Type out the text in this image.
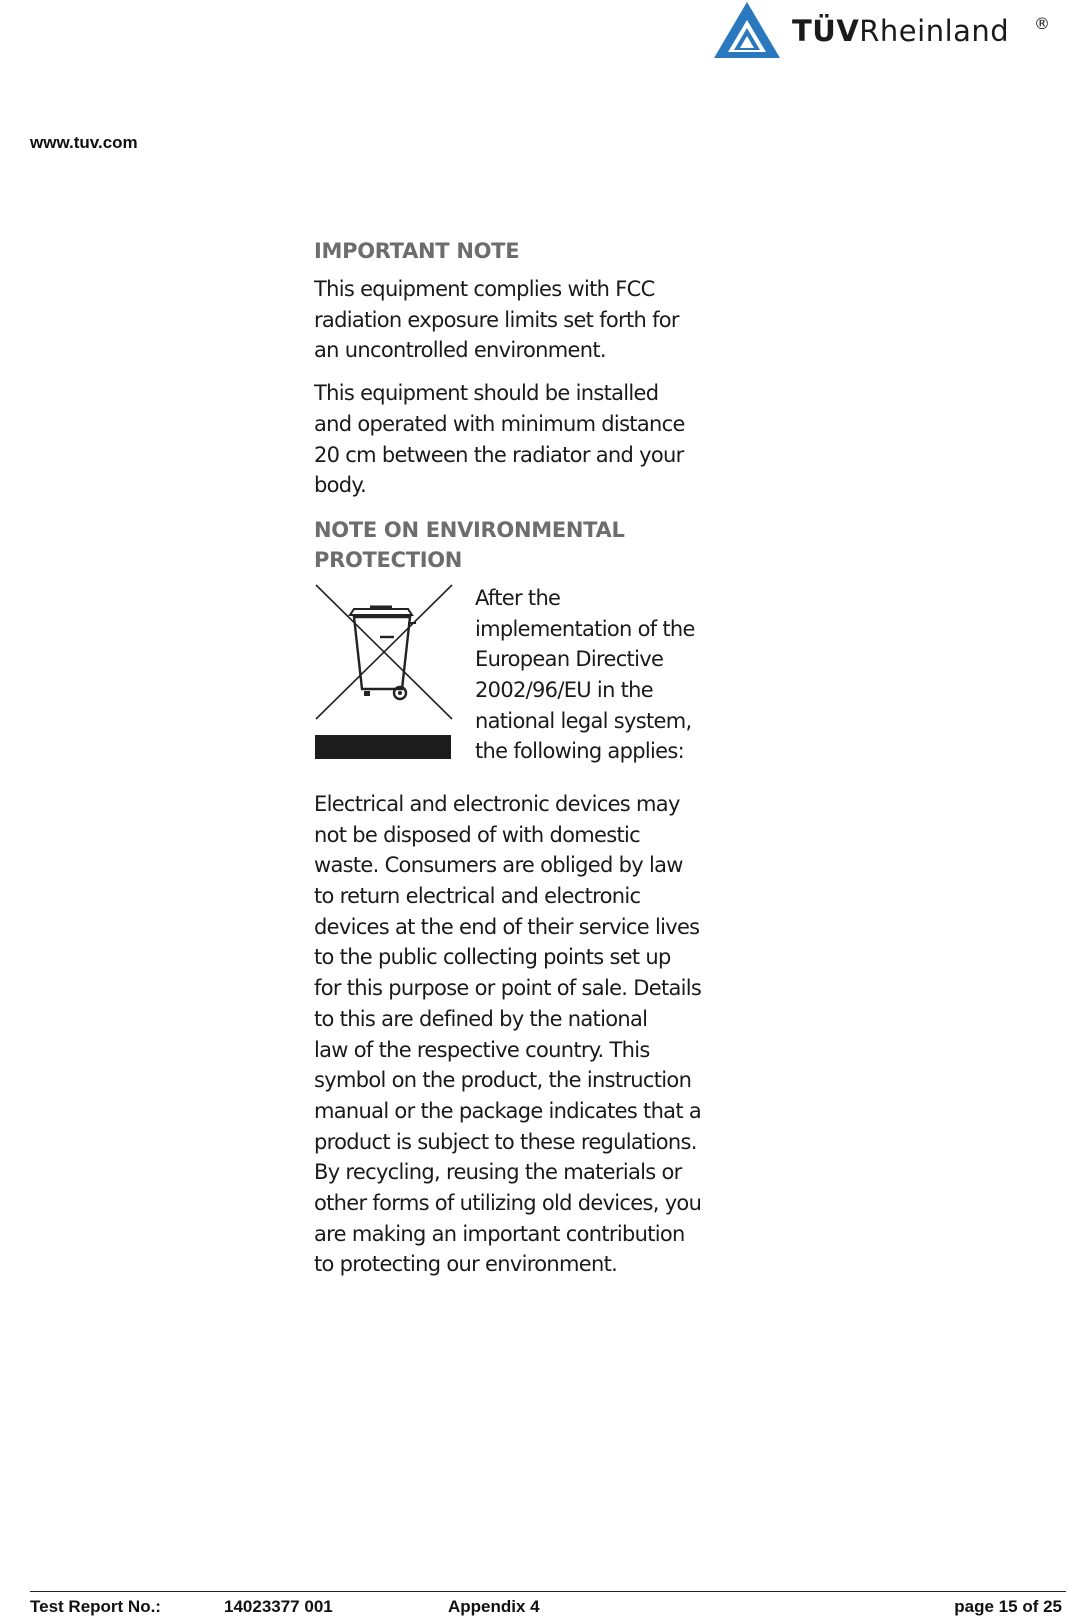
TÜVRheinland ®
www.tuv.com
IMPORTANT NOTE
This equipment complies with FCC
radiation exposure limits set forth for
an uncontrolled environment.
This equipment should be installed
and operated with minimum distance
20 cm between the radiator and your
body.
NOTE ON ENVIRONMENTAL
PROTECTION
After the
implementation of the
European Directive
2002/96/EU in the
national legal system,
the following applies:
Electrical and electronic devices may
not be disposed of with domestic
waste. Consumers are obliged by law
to return electrical and electronic
devices at the end of their service lives
to the public collecting points set up
for this purpose or point of sale. Details
to this are defined by the national
law of the respective country. This
symbol on the product, the instruction
manual or the package indicates that a
product is subject to these regulations.
By recycling, reusing the materials or
other forms of utilizing old devices, you
are making an important contribution
to protecting our environment.
Test Report No.:	14023377 001	Appendix 4	page 15 of 25
